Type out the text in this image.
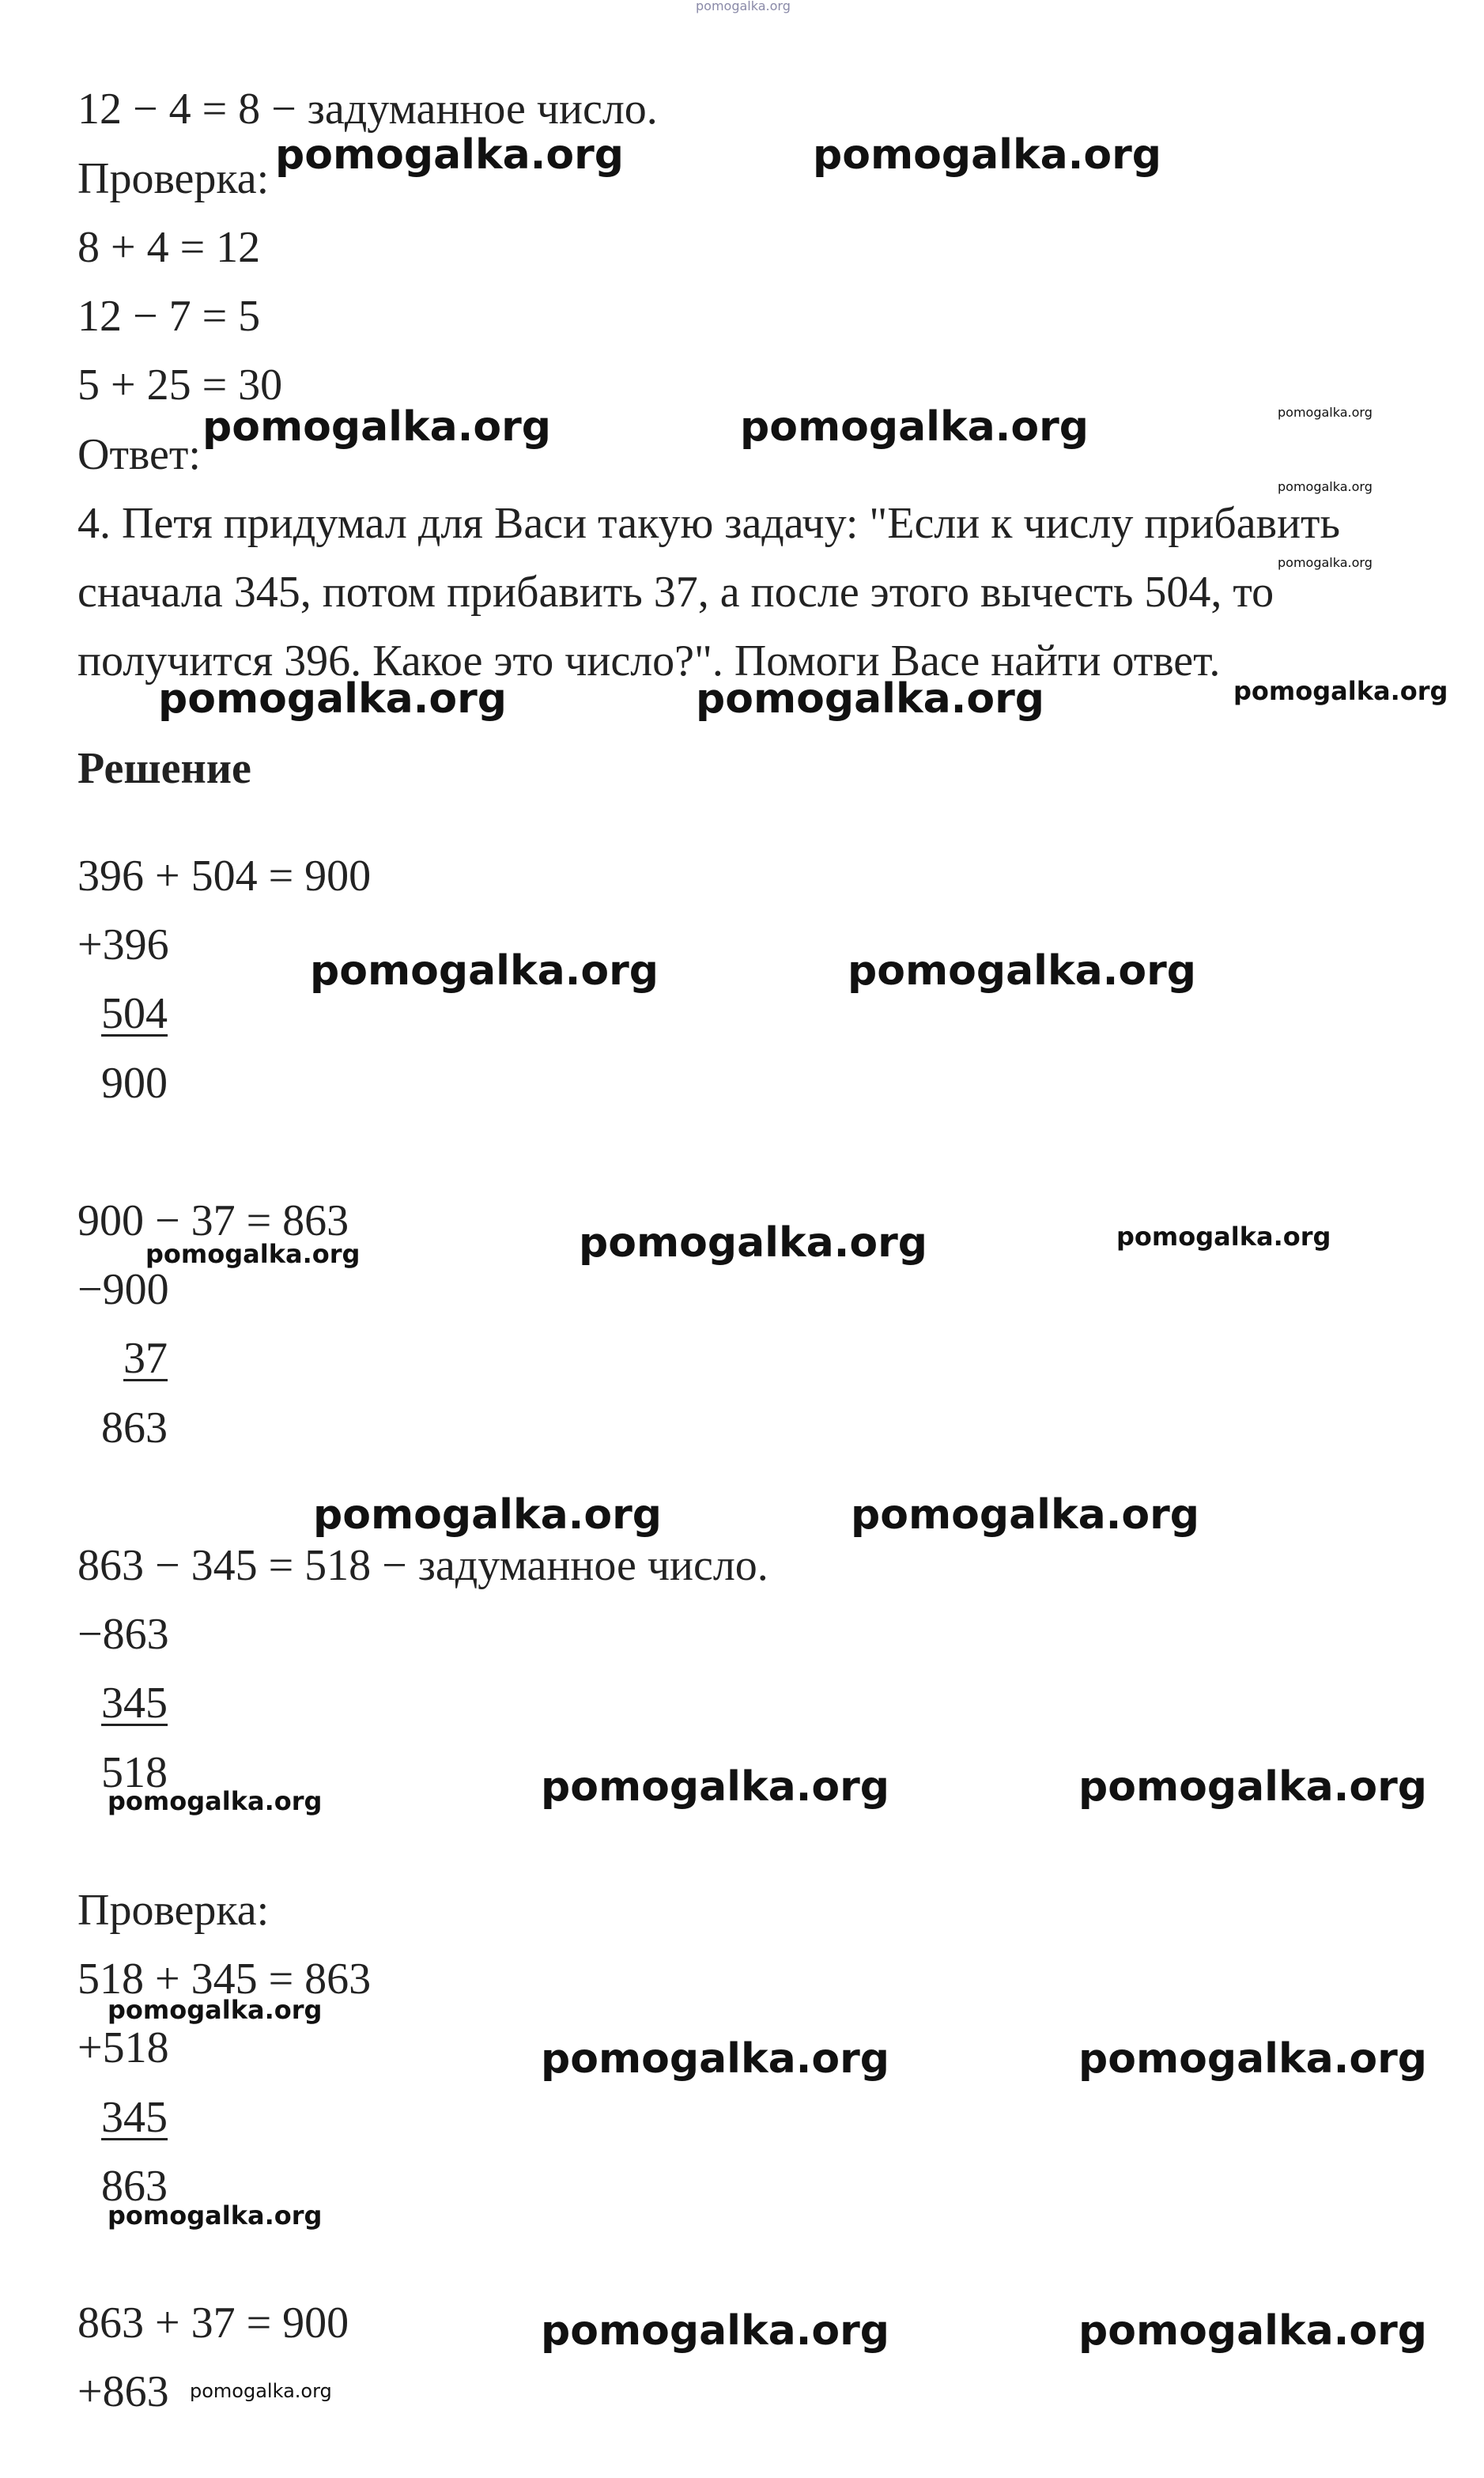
12 − 4 = 8 − задуманное число.
Проверка:
8 + 4 = 12
12 − 7 = 5
5 + 25 = 30
Ответ:
4. Петя придумал для Васи такую задачу: "Если к числу прибавить
сначала 345, потом прибавить 37, а после этого вычесть 504, то
получится 396. Какое это число?". Помоги Васе найти ответ.
Решение
396 + 504 = 900
+396
504
900
900 − 37 = 863
−900
37
863
863 − 345 = 518 − задуманное число.
−863
345
518
Проверка:
518 + 345 = 863
+518
345
863
863 + 37 = 900
+863
pomogalka.org
pomogalka.org	pomogalka.org
pomogalka.org	pomogalka.org	pomogalka.org
pomogalka.org
pomogalka.org
pomogalka.org	pomogalka.org	pomogalka.org
pomogalka.org	pomogalka.org
pomogalka.org	pomogalka.org	pomogalka.org
pomogalka.org	pomogalka.org
pomogalka.org	pomogalka.org	pomogalka.org
pomogalka.org
pomogalka.org	pomogalka.org
pomogalka.org
pomogalka.org	pomogalka.org
pomogalka.org
